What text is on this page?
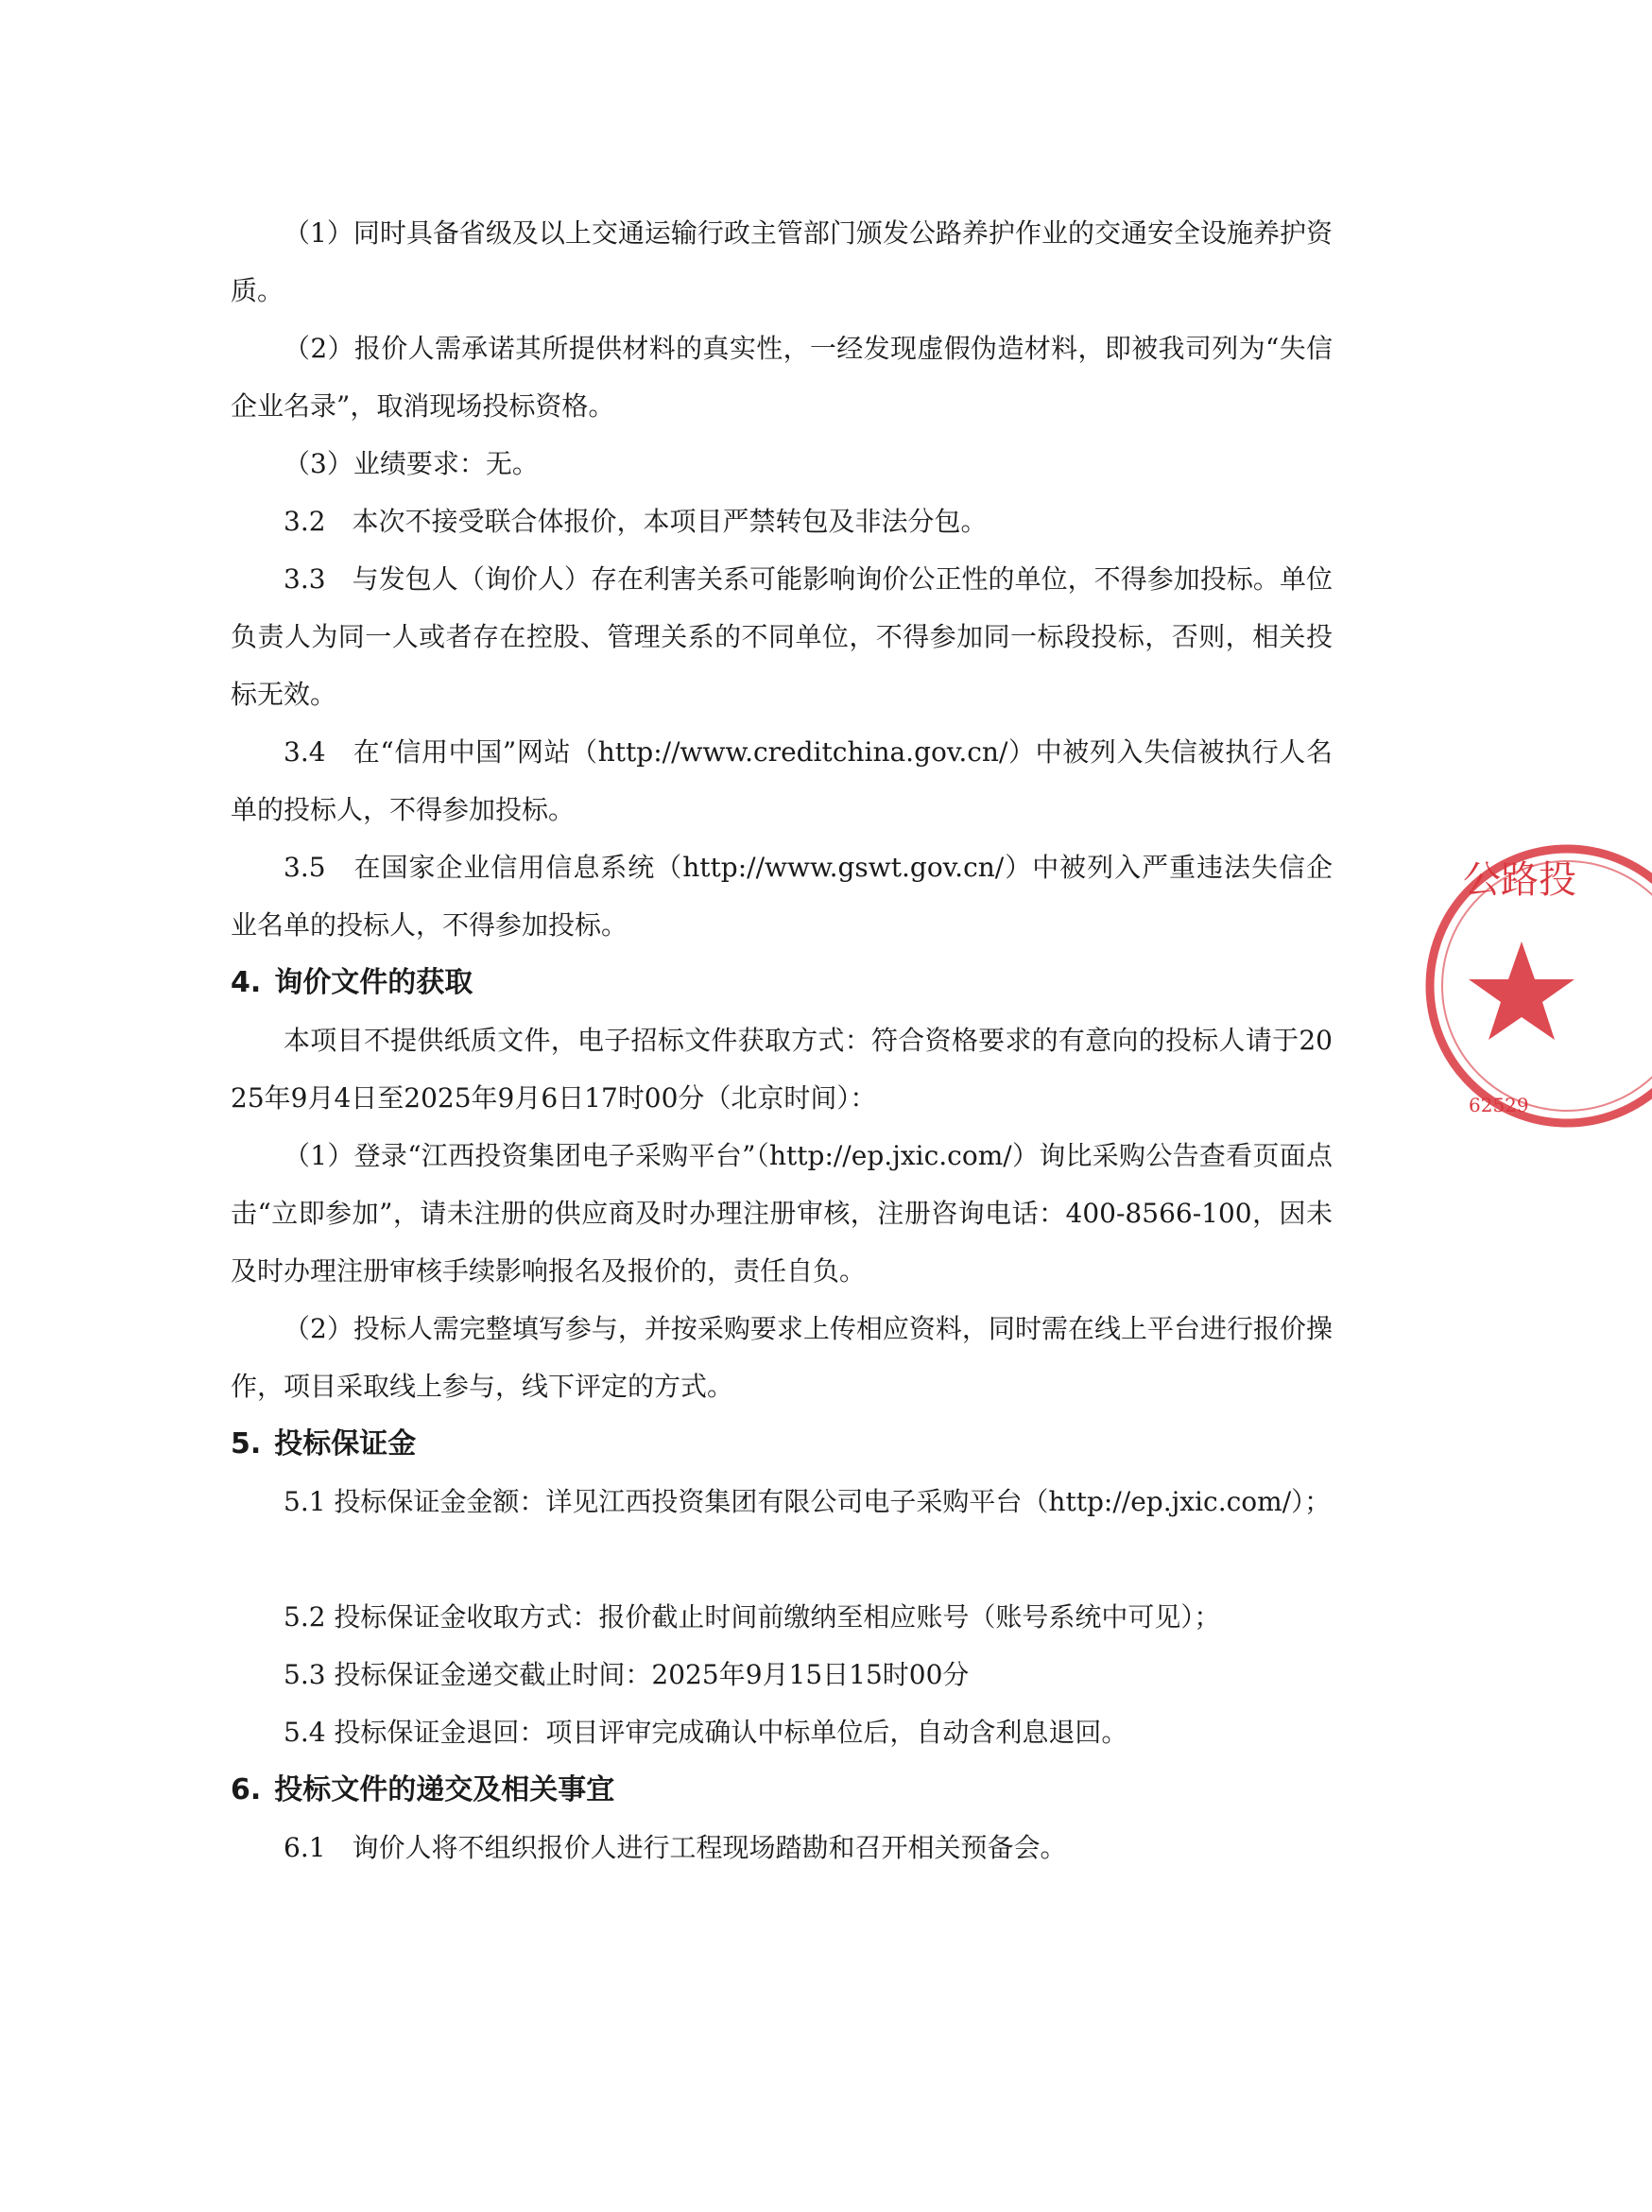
（1）同时具备省级及以上交通运输行政主管部门颁发公路养护作业的交通安全设施养护资质。

（2）报价人需承诺其所提供材料的真实性，一经发现虚假伪造材料，即被我司列为“失信企业名录”，取消现场投标资格。

（3）业绩要求：无。

3.2　本次不接受联合体报价，本项目严禁转包及非法分包。

3.3　与发包人（询价人）存在利害关系可能影响询价公正性的单位，不得参加投标。单位负责人为同一人或者存在控股、管理关系的不同单位，不得参加同一标段投标，否则，相关投标无效。

3.4　在“信用中国”网站（http://www.creditchina.gov.cn/）中被列入失信被执行人名单的投标人，不得参加投标。

3.5　在国家企业信用信息系统（http://www.gswt.gov.cn/）中被列入严重违法失信企业名单的投标人，不得参加投标。

4. 询价文件的获取

本项目不提供纸质文件，电子招标文件获取方式：符合资格要求的有意向的投标人请于2025年9月4日至2025年9月6日17时00分（北京时间）：

（1）登录“江西投资集团电子采购平台”（http://ep.jxic.com/）询比采购公告查看页面点击“立即参加”，请未注册的供应商及时办理注册审核，注册咨询电话：400-8566-100，因未及时办理注册审核手续影响报名及报价的，责任自负。

（2）投标人需完整填写参与，并按采购要求上传相应资料，同时需在线上平台进行报价操作，项目采取线上参与，线下评定的方式。

5. 投标保证金

5.1 投标保证金金额：详见江西投资集团有限公司电子采购平台（http://ep.jxic.com/）；

5.2 投标保证金收取方式：报价截止时间前缴纳至相应账号（账号系统中可见）；

5.3 投标保证金递交截止时间：2025年9月15日15时00分

5.4 投标保证金退回：项目评审完成确认中标单位后，自动含利息退回。

6. 投标文件的递交及相关事宜

6.1　询价人将不组织报价人进行工程现场踏勘和召开相关预备会。

公路投
62529
